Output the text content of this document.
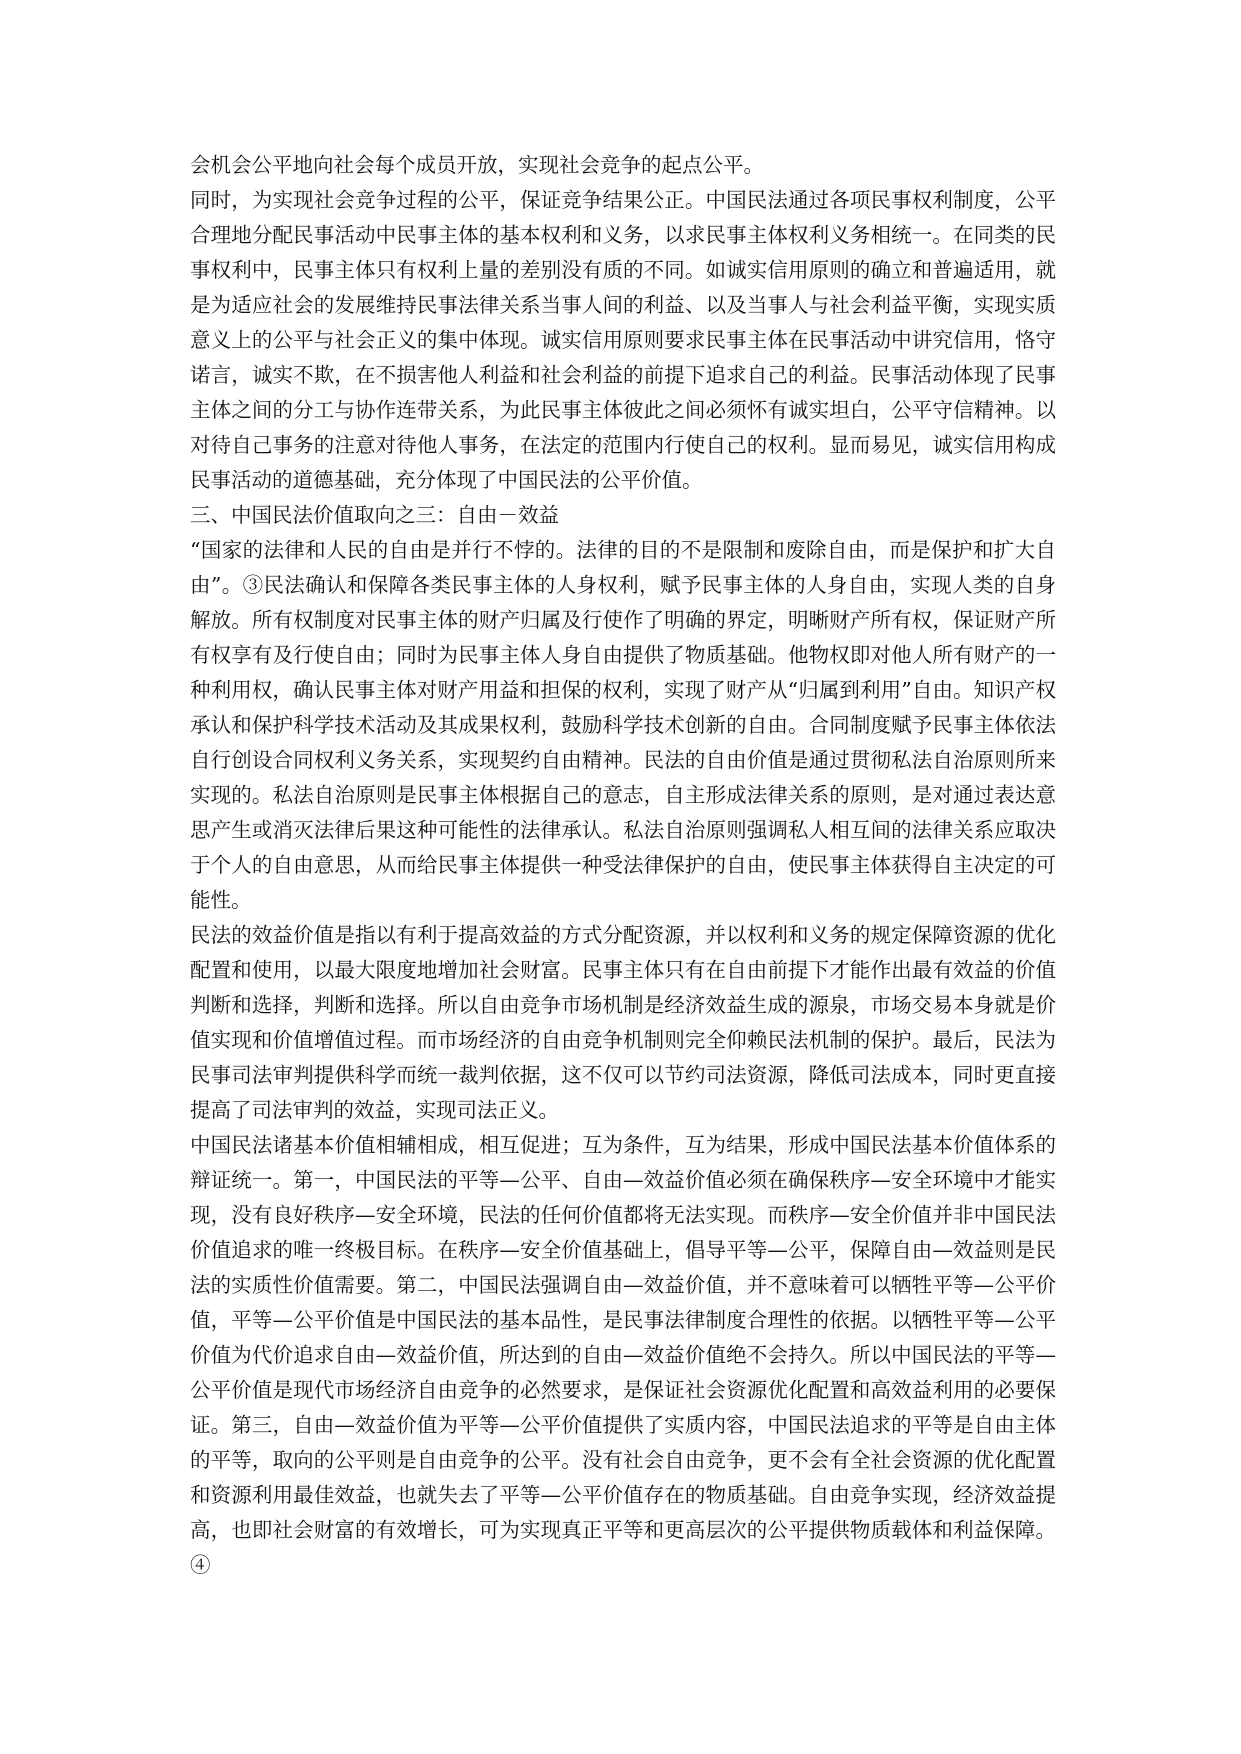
会机会公平地向社会每个成员开放，实现社会竞争的起点公平。

同时，为实现社会竞争过程的公平，保证竞争结果公正。中国民法通过各项民事权利制度，公平合理地分配民事活动中民事主体的基本权利和义务，以求民事主体权利义务相统一。在同类的民事权利中，民事主体只有权利上量的差别没有质的不同。如诚实信用原则的确立和普遍适用，就是为适应社会的发展维持民事法律关系当事人间的利益、以及当事人与社会利益平衡，实现实质意义上的公平与社会正义的集中体现。诚实信用原则要求民事主体在民事活动中讲究信用，恪守诺言，诚实不欺，在不损害他人利益和社会利益的前提下追求自己的利益。民事活动体现了民事主体之间的分工与协作连带关系，为此民事主体彼此之间必须怀有诚实坦白，公平守信精神。以对待自己事务的注意对待他人事务，在法定的范围内行使自己的权利。显而易见，诚实信用构成民事活动的道德基础，充分体现了中国民法的公平价值。

三、中国民法价值取向之三：自由－效益

“国家的法律和人民的自由是并行不悖的。法律的目的不是限制和废除自由，而是保护和扩大自由”。③民法确认和保障各类民事主体的人身权利，赋予民事主体的人身自由，实现人类的自身解放。所有权制度对民事主体的财产归属及行使作了明确的界定，明晰财产所有权，保证财产所有权享有及行使自由；同时为民事主体人身自由提供了物质基础。他物权即对他人所有财产的一种利用权，确认民事主体对财产用益和担保的权利，实现了财产从“归属到利用”自由。知识产权承认和保护科学技术活动及其成果权利，鼓励科学技术创新的自由。合同制度赋予民事主体依法自行创设合同权利义务关系，实现契约自由精神。民法的自由价值是通过贯彻私法自治原则所来实现的。私法自治原则是民事主体根据自己的意志，自主形成法律关系的原则，是对通过表达意思产生或消灭法律后果这种可能性的法律承认。私法自治原则强调私人相互间的法律关系应取决于个人的自由意思，从而给民事主体提供一种受法律保护的自由，使民事主体获得自主决定的可能性。

民法的效益价值是指以有利于提高效益的方式分配资源，并以权利和义务的规定保障资源的优化配置和使用，以最大限度地增加社会财富。民事主体只有在自由前提下才能作出最有效益的价值判断和选择，判断和选择。所以自由竞争市场机制是经济效益生成的源泉，市场交易本身就是价值实现和价值增值过程。而市场经济的自由竞争机制则完全仰赖民法机制的保护。最后，民法为民事司法审判提供科学而统一裁判依据，这不仅可以节约司法资源，降低司法成本，同时更直接提高了司法审判的效益，实现司法正义。

中国民法诸基本价值相辅相成，相互促进；互为条件，互为结果，形成中国民法基本价值体系的辩证统一。第一，中国民法的平等—公平、自由—效益价值必须在确保秩序—安全环境中才能实现，没有良好秩序—安全环境，民法的任何价值都将无法实现。而秩序—安全价值并非中国民法价值追求的唯一终极目标。在秩序—安全价值基础上，倡导平等—公平，保障自由—效益则是民法的实质性价值需要。第二，中国民法强调自由—效益价值，并不意味着可以牺牲平等—公平价值，平等—公平价值是中国民法的基本品性，是民事法律制度合理性的依据。以牺牲平等—公平价值为代价追求自由—效益价值，所达到的自由—效益价值绝不会持久。所以中国民法的平等—公平价值是现代市场经济自由竞争的必然要求，是保证社会资源优化配置和高效益利用的必要保证。第三，自由—效益价值为平等—公平价值提供了实质内容，中国民法追求的平等是自由主体的平等，取向的公平则是自由竞争的公平。没有社会自由竞争，更不会有全社会资源的优化配置和资源利用最佳效益，也就失去了平等—公平价值存在的物质基础。自由竞争实现，经济效益提高，也即社会财富的有效增长，可为实现真正平等和更高层次的公平提供物质载体和利益保障。④
